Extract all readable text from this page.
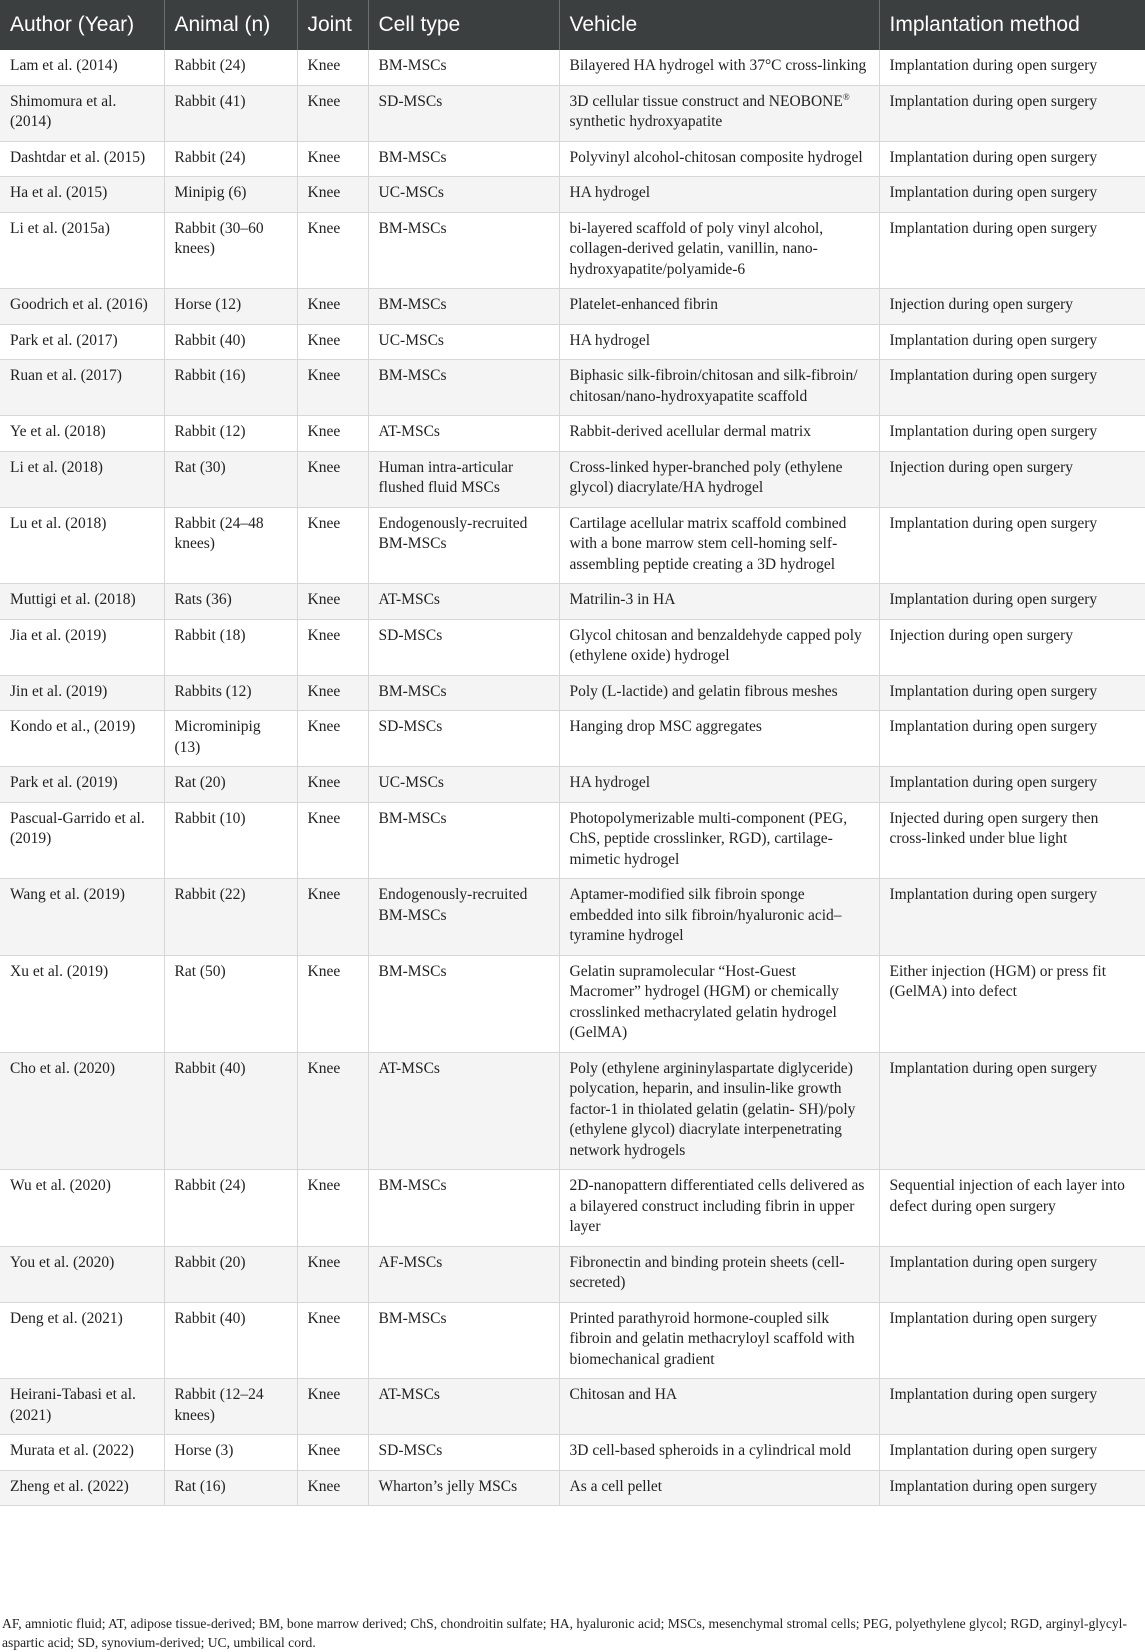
Author (Year)	Animal (n)	Joint	Cell type	Vehicle	Implantation method
Lam et al. (2014)	Rabbit (24)	Knee	BM-MSCs	Bilayered HA hydrogel with 37°C cross-linking	Implantation during open surgery
Shimomura et al. (2014)	Rabbit (41)	Knee	SD-MSCs	3D cellular tissue construct and NEOBONE® synthetic hydroxyapatite	Implantation during open surgery
Dashtdar et al. (2015)	Rabbit (24)	Knee	BM-MSCs	Polyvinyl alcohol-chitosan composite hydrogel	Implantation during open surgery
Ha et al. (2015)	Minipig (6)	Knee	UC-MSCs	HA hydrogel	Implantation during open surgery
Li et al. (2015a)	Rabbit (30–60 knees)	Knee	BM-MSCs	bi-layered scaffold of poly vinyl alcohol, collagen-derived gelatin, vanillin, nano-hydroxyapatite/polyamide-6	Implantation during open surgery
Goodrich et al. (2016)	Horse (12)	Knee	BM-MSCs	Platelet-enhanced fibrin	Injection during open surgery
Park et al. (2017)	Rabbit (40)	Knee	UC-MSCs	HA hydrogel	Implantation during open surgery
Ruan et al. (2017)	Rabbit (16)	Knee	BM-MSCs	Biphasic silk-fibroin/chitosan and silk-fibroin/ chitosan/nano-hydroxyapatite scaffold	Implantation during open surgery
Ye et al. (2018)	Rabbit (12)	Knee	AT-MSCs	Rabbit-derived acellular dermal matrix	Implantation during open surgery
Li et al. (2018)	Rat (30)	Knee	Human intra-articular flushed fluid MSCs	Cross-linked hyper-branched poly (ethylene glycol) diacrylate/HA hydrogel	Injection during open surgery
Lu et al. (2018)	Rabbit (24–48 knees)	Knee	Endogenously-recruited BM-MSCs	Cartilage acellular matrix scaffold combined with a bone marrow stem cell-homing self-assembling peptide creating a 3D hydrogel	Implantation during open surgery
Muttigi et al. (2018)	Rats (36)	Knee	AT-MSCs	Matrilin-3 in HA	Implantation during open surgery
Jia et al. (2019)	Rabbit (18)	Knee	SD-MSCs	Glycol chitosan and benzaldehyde capped poly (ethylene oxide) hydrogel	Injection during open surgery
Jin et al. (2019)	Rabbits (12)	Knee	BM-MSCs	Poly (L-lactide) and gelatin fibrous meshes	Implantation during open surgery
Kondo et al., (2019)	Microminipig (13)	Knee	SD-MSCs	Hanging drop MSC aggregates	Implantation during open surgery
Park et al. (2019)	Rat (20)	Knee	UC-MSCs	HA hydrogel	Implantation during open surgery
Pascual-Garrido et al. (2019)	Rabbit (10)	Knee	BM-MSCs	Photopolymerizable multi-component (PEG, ChS, peptide crosslinker, RGD), cartilage-mimetic hydrogel	Injected during open surgery then cross-linked under blue light
Wang et al. (2019)	Rabbit (22)	Knee	Endogenously-recruited BM-MSCs	Aptamer-modified silk fibroin sponge embedded into silk fibroin/hyaluronic acid–tyramine hydrogel	Implantation during open surgery
Xu et al. (2019)	Rat (50)	Knee	BM-MSCs	Gelatin supramolecular “Host-Guest Macromer” hydrogel (HGM) or chemically crosslinked methacrylated gelatin hydrogel (GelMA)	Either injection (HGM) or press fit (GelMA) into defect
Cho et al. (2020)	Rabbit (40)	Knee	AT-MSCs	Poly (ethylene argininylaspartate diglyceride) polycation, heparin, and insulin-like growth factor-1 in thiolated gelatin (gelatin- SH)/poly (ethylene glycol) diacrylate interpenetrating network hydrogels	Implantation during open surgery
Wu et al. (2020)	Rabbit (24)	Knee	BM-MSCs	2D-nanopattern differentiated cells delivered as a bilayered construct including fibrin in upper layer	Sequential injection of each layer into defect during open surgery
You et al. (2020)	Rabbit (20)	Knee	AF-MSCs	Fibronectin and binding protein sheets (cell-secreted)	Implantation during open surgery
Deng et al. (2021)	Rabbit (40)	Knee	BM-MSCs	Printed parathyroid hormone-coupled silk fibroin and gelatin methacryloyl scaffold with biomechanical gradient	Implantation during open surgery
Heirani-Tabasi et al. (2021)	Rabbit (12–24 knees)	Knee	AT-MSCs	Chitosan and HA	Implantation during open surgery
Murata et al. (2022)	Horse (3)	Knee	SD-MSCs	3D cell-based spheroids in a cylindrical mold	Implantation during open surgery
Zheng et al. (2022)	Rat (16)	Knee	Wharton’s jelly MSCs	As a cell pellet	Implantation during open surgery
AF, amniotic fluid; AT, adipose tissue-derived; BM, bone marrow derived; ChS, chondroitin sulfate; HA, hyaluronic acid; MSCs, mesenchymal stromal cells; PEG, polyethylene glycol; RGD, arginyl-glycyl-aspartic acid; SD, synovium-derived; UC, umbilical cord.
